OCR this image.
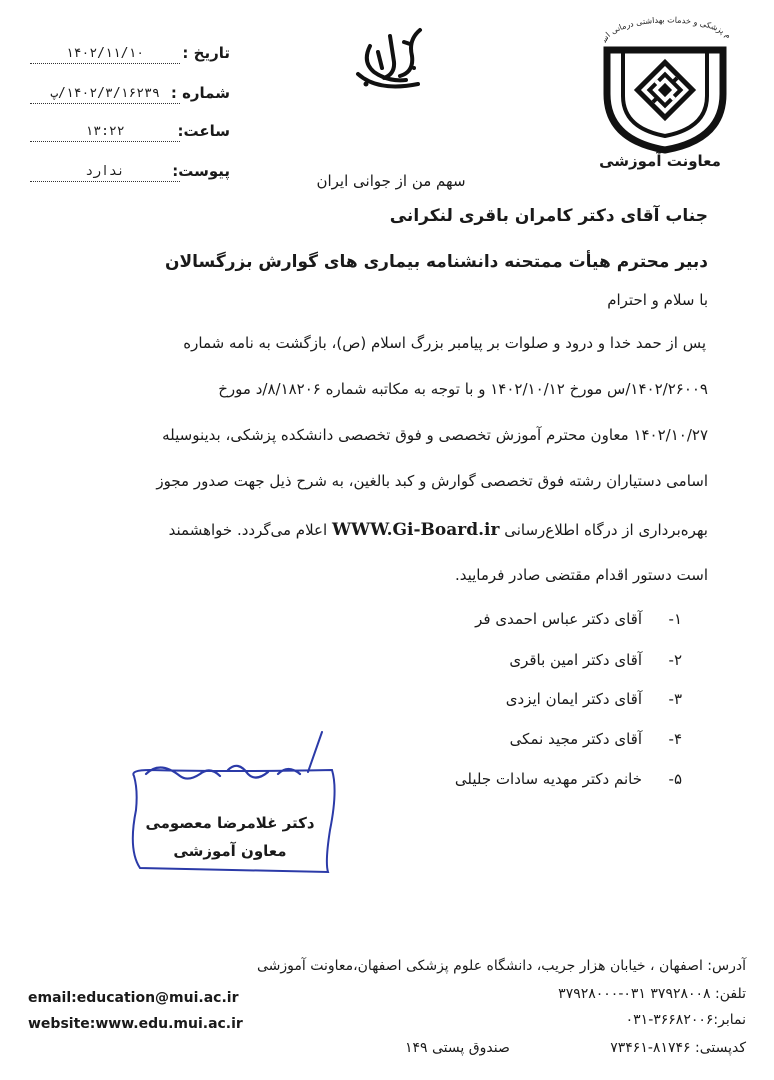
م پزشکی و خدمات بهداشتی درمانی اس
معاونت آموزشی
سهم من از جوانی ایران
تاریخ :
۱۴۰۲/۱۱/۱۰
شماره :
۱۴۰۲/۳/۱۶۲۳۹/پ
ساعت:
۱۳:۲۲
پیوست:
ندارد
جناب آقای دکتر کامران باقری لنکرانی
دبیر محترم هیأت ممتحنه دانشنامه بیماری های گوارش بزرگسالان
با سلام و احترام
پس از حمد خدا و درود و صلوات بر پیامبر بزرگ اسلام (ص)، بازگشت به نامه شماره
۱۴۰۲/۲۶۰۰۹/س مورخ ۱۴۰۲/۱۰/۱۲ و با توجه به مکاتبه شماره ۸/۱۸۲۰۶/د مورخ
۱۴۰۲/۱۰/۲۷ معاون محترم آموزش تخصصی و فوق تخصصی دانشکده پزشکی، بدینوسیله
اسامی دستیاران رشته فوق تخصصی گوارش و کبد بالغین، به شرح ذیل جهت صدور مجوز
بهره‌برداری از درگاه اطلاع‌رسانی WWW.Gi-Board.ir اعلام می‌گردد. خواهشمند
است دستور اقدام مقتضی صادر فرمایید.
۱-آقای دکتر عباس احمدی فر
۲-آقای دکتر امین باقری
۳-آقای دکتر ایمان ایزدی
۴-آقای دکتر مجید نمکی
۵-خانم دکتر مهدیه سادات جلیلی
دکتر غلامرضا معصومی
معاون آموزشی
آدرس: اصفهان ، خیابان هزار جریب، دانشگاه علوم پزشکی اصفهان،معاونت آموزشی
تلفن: ۳۷۹۲۸۰۰۸ ۰۳۱-۳۷۹۲۸۰۰۰
نمابر:۳۶۶۸۲۰۰۶-۰۳۱
کدپستی: ۸۱۷۴۶-۷۳۴۶۱
صندوق پستی ۱۴۹
email:education@mui.ac.ir
website:www.edu.mui.ac.ir
